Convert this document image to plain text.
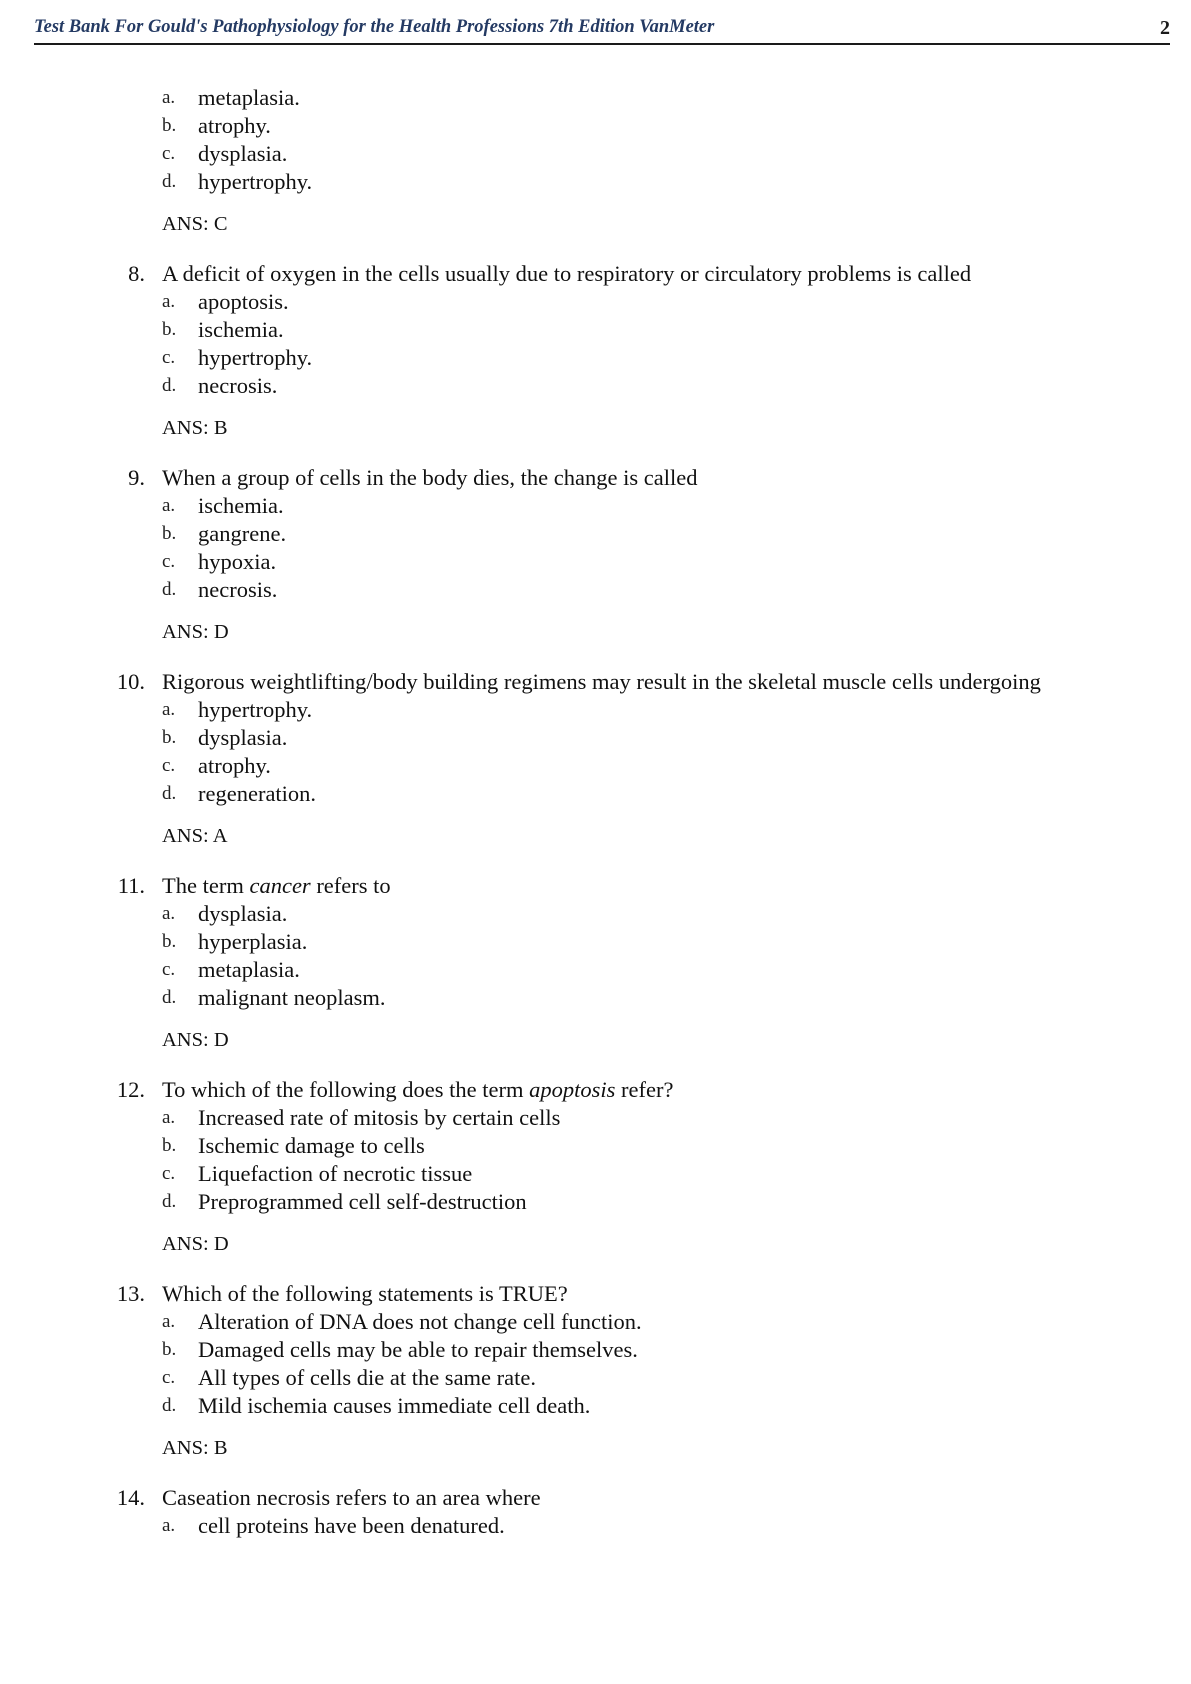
Test Bank For Gould's Pathophysiology for the Health Professions 7th Edition VanMeter	2
a. metaplasia.
b. atrophy.
c. dysplasia.
d. hypertrophy.
ANS: C
8. A deficit of oxygen in the cells usually due to respiratory or circulatory problems is called
a. apoptosis.
b. ischemia.
c. hypertrophy.
d. necrosis.
ANS: B
9. When a group of cells in the body dies, the change is called
a. ischemia.
b. gangrene.
c. hypoxia.
d. necrosis.
ANS: D
10. Rigorous weightlifting/body building regimens may result in the skeletal muscle cells undergoing
a. hypertrophy.
b. dysplasia.
c. atrophy.
d. regeneration.
ANS: A
11. The term cancer refers to
a. dysplasia.
b. hyperplasia.
c. metaplasia.
d. malignant neoplasm.
ANS: D
12. To which of the following does the term apoptosis refer?
a. Increased rate of mitosis by certain cells
b. Ischemic damage to cells
c. Liquefaction of necrotic tissue
d. Preprogrammed cell self-destruction
ANS: D
13. Which of the following statements is TRUE?
a. Alteration of DNA does not change cell function.
b. Damaged cells may be able to repair themselves.
c. All types of cells die at the same rate.
d. Mild ischemia causes immediate cell death.
ANS: B
14. Caseation necrosis refers to an area where
a. cell proteins have been denatured.
